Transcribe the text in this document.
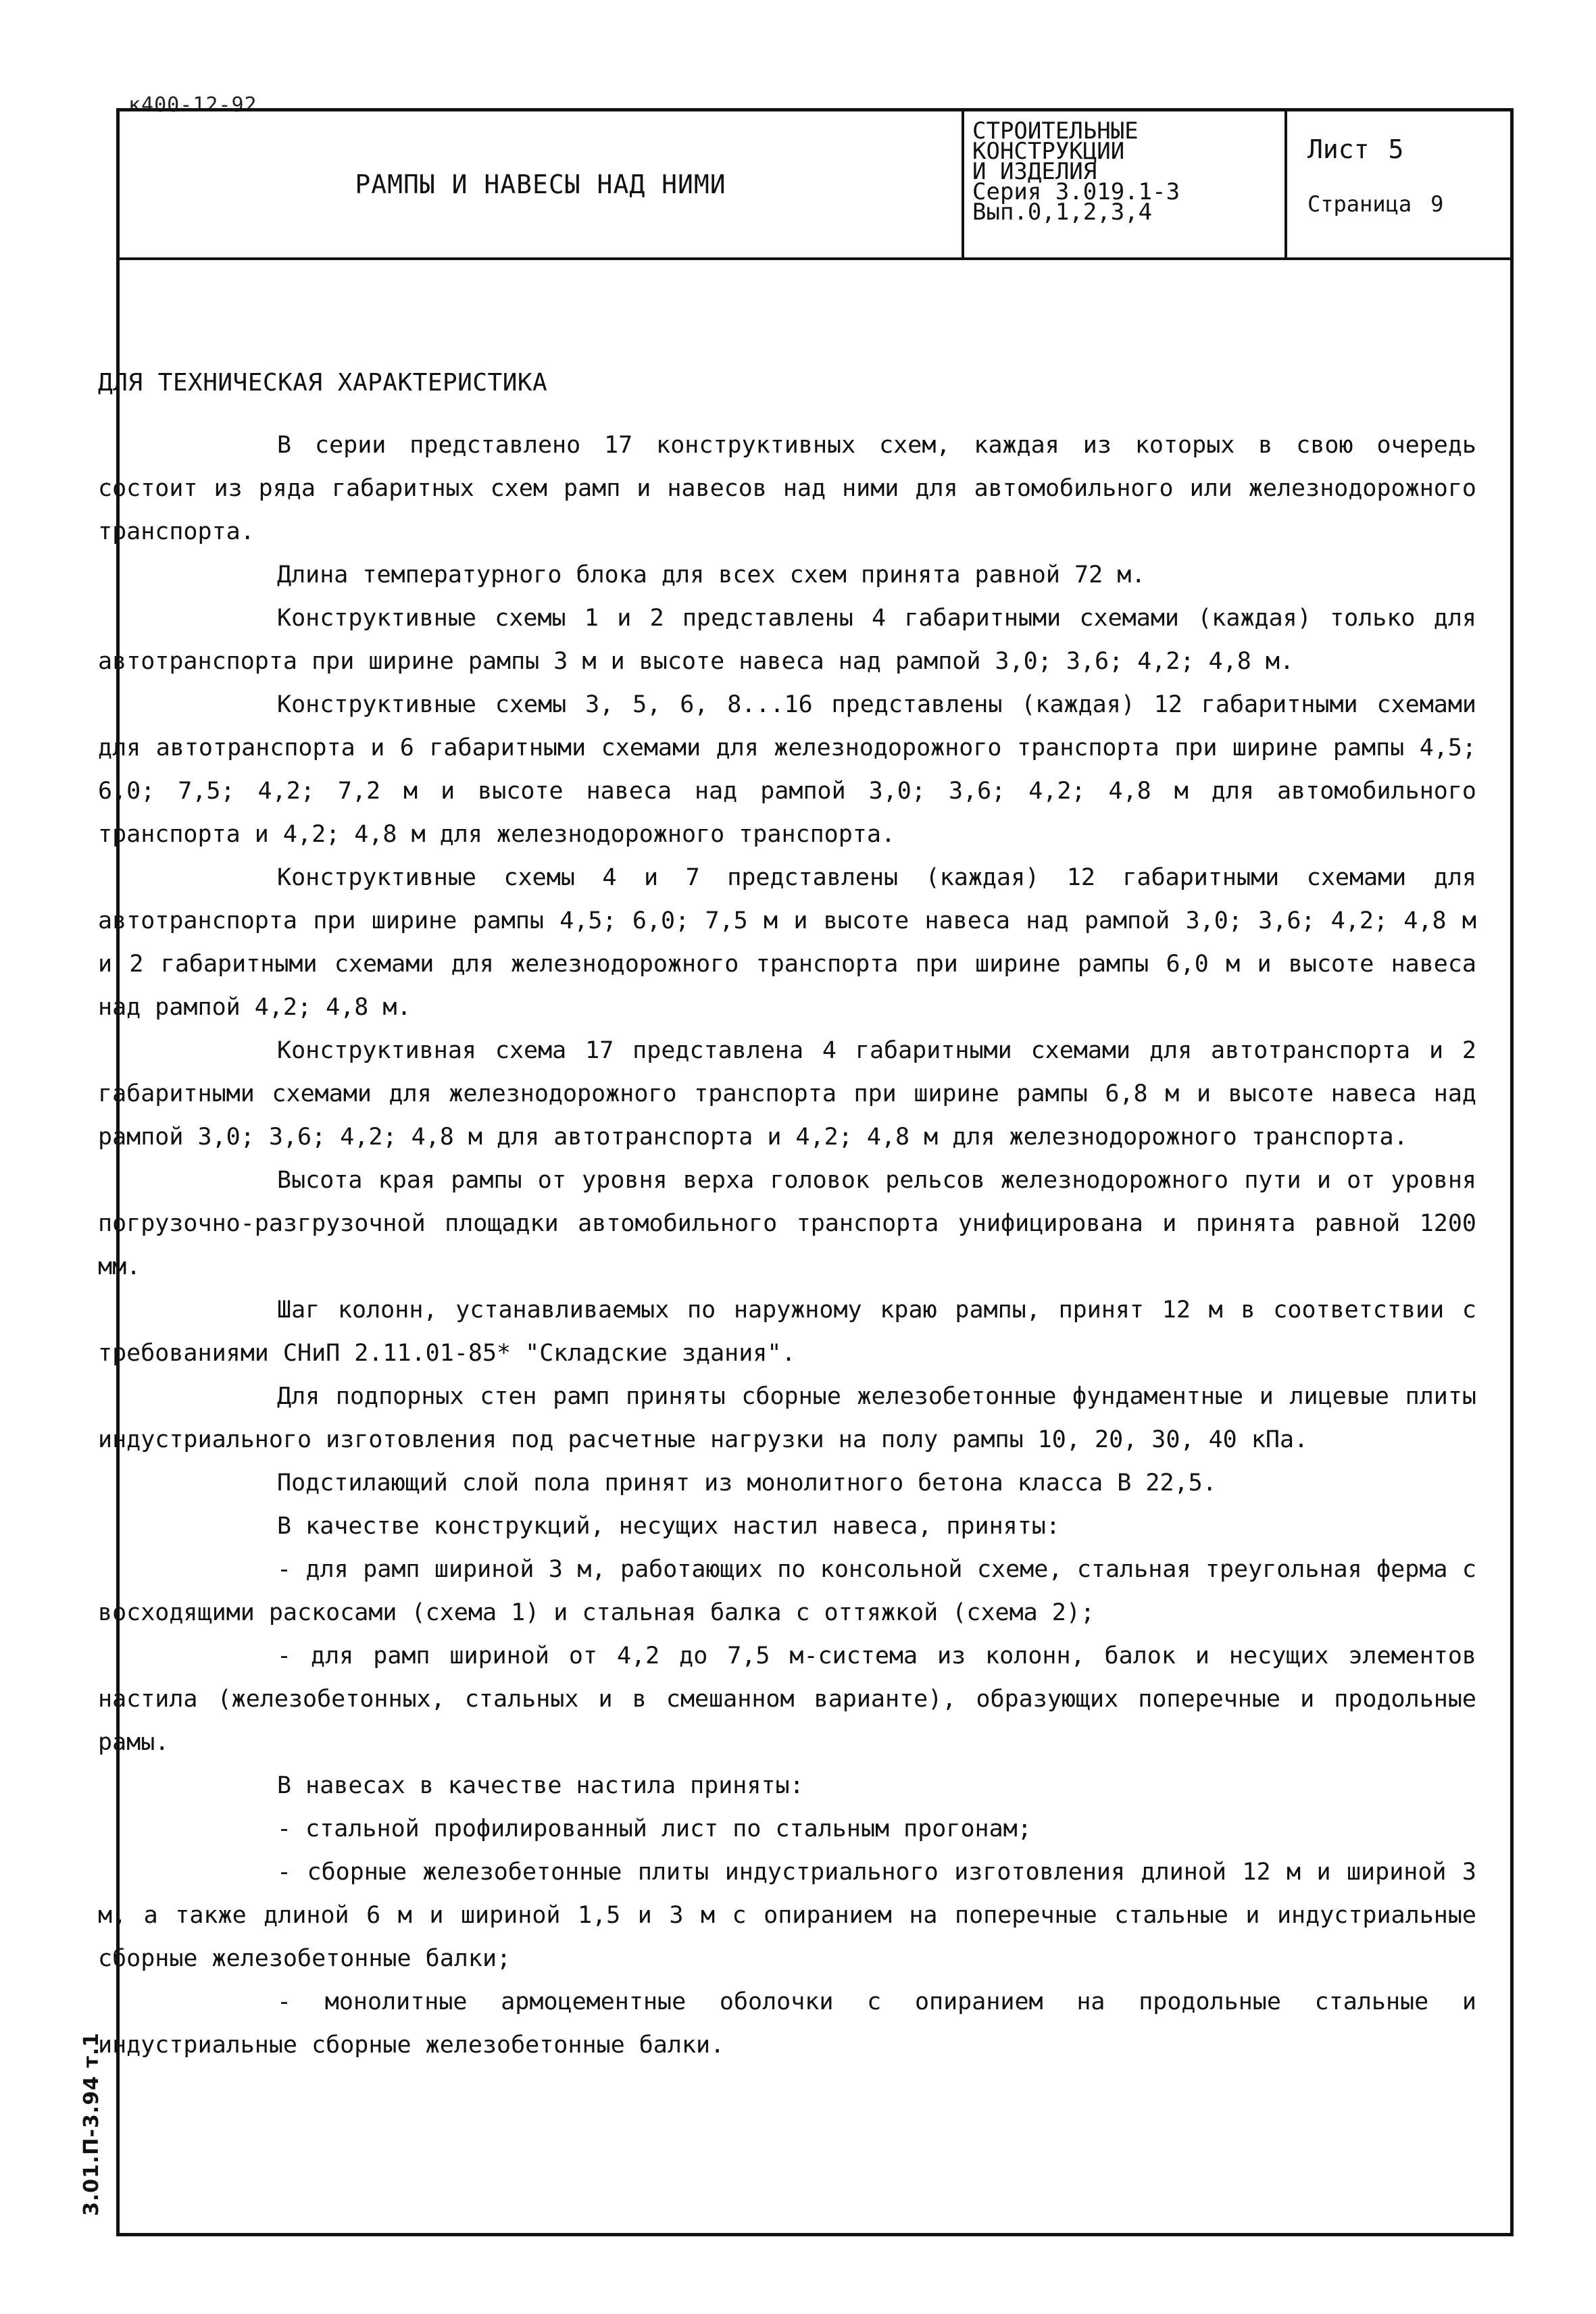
к400-12-92
РАМПЫ И НАВЕСЫ НАД НИМИ
СТРОИТЕЛЬНЫЕ
КОНСТРУКЦИИ
И ИЗДЕЛИЯ
Серия 3.019.1-3
Вып.0,1,2,3,4
Лист 5
Страница 9
ДЛЯ ТЕХНИЧЕСКАЯ ХАРАКТЕРИСТИКА

В серии представлено 17 конструктивных схем, каждая из которых в свою очередь состоит из ряда габаритных схем рамп и навесов над ними для автомобильного или железнодорожного транспорта.

Длина температурного блока для всех схем принята равной 72 м.

Конструктивные схемы 1 и 2 представлены 4 габаритными схемами (каждая) только для автотранспорта при ширине рампы 3 м и высоте навеса над рампой 3,0; 3,6; 4,2; 4,8 м.

Конструктивные схемы 3, 5, 6, 8...16 представлены (каждая) 12 габаритными схемами для автотранспорта и 6 габаритными схемами для железнодорожного транспорта при ширине рампы 4,5; 6,0; 7,5; 4,2; 7,2 м и высоте навеса над рампой 3,0; 3,6; 4,2; 4,8 м для автомобильного транспорта и 4,2; 4,8 м для железнодорожного транспорта.

Конструктивные схемы 4 и 7 представлены (каждая) 12 габаритными схемами для автотранспорта при ширине рампы 4,5; 6,0; 7,5 м и высоте навеса над рампой 3,0; 3,6; 4,2; 4,8 м и 2 габаритными схемами для железнодорожного транспорта при ширине рампы 6,0 м и высоте навеса над рампой 4,2; 4,8 м.

Конструктивная схема 17 представлена 4 габаритными схемами для автотранспорта и 2 габаритными схемами для железнодорожного транспорта при ширине рампы 6,8 м и высоте навеса над рампой 3,0; 3,6; 4,2; 4,8 м для автотранспорта и 4,2; 4,8 м для железнодорожного транспорта.

Высота края рампы от уровня верха головок рельсов железнодорожного пути и от уровня погрузочно-разгрузочной площадки автомобильного транспорта унифицирована и принята равной 1200 мм.

Шаг колонн, устанавливаемых по наружному краю рампы, принят 12 м в соответствии с требованиями СНиП 2.11.01-85* "Складские здания".

Для подпорных стен рамп приняты сборные железобетонные фундаментные и лицевые плиты индустриального изготовления под расчетные нагрузки на полу рампы 10, 20, 30, 40 кПа.

Подстилающий слой пола принят из монолитного бетона класса В 22,5.

В качестве конструкций, несущих настил навеса, приняты:

- для рамп шириной 3 м, работающих по консольной схеме, стальная треугольная ферма с восходящими раскосами (схема 1) и стальная балка с оттяжкой (схема 2);

- для рамп шириной от 4,2 до 7,5 м-система из колонн, балок и несущих элементов настила (железобетонных, стальных и в смешанном варианте), образующих поперечные и продольные рамы.

В навесах в качестве настила приняты:

- стальной профилированный лист по стальным прогонам;

- сборные железобетонные плиты индустриального изготовления длиной 12 м и шириной 3 м, а также длиной 6 м и шириной 1,5 и 3 м с опиранием на поперечные стальные и индустриальные сборные железобетонные балки;

- монолитные армоцементные оболочки с опиранием на продольные стальные и индустриальные сборные железобетонные балки.

3.01.П-3.94 т.1
